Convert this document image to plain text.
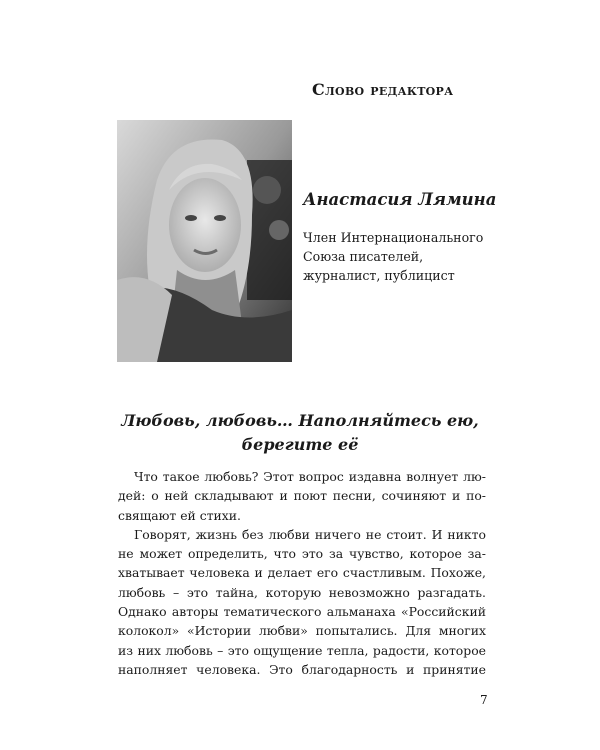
Слово редактора
Анастасия Лямина
Член Интернационального
Союза писателей,
журналист, публицист
Любовь, любовь… Наполняйтесь ею,
берегите её
Что такое любовь? Этот вопрос издавна волнует лю-
дей: о ней складывают и поют песни, сочиняют и по-
свящают ей стихи.
Говорят, жизнь без любви ничего не стоит. И никто
не может определить, что это за чувство, которое за-
хватывает человека и делает его счастливым. Похоже,
любовь – это тайна, которую невозможно разгадать.
Однако авторы тематического альманаха «Российский
колокол» «Истории любви» попытались. Для многих
из них любовь – это ощущение тепла, радости, которое
наполняет человека. Это благодарность и принятие
7
